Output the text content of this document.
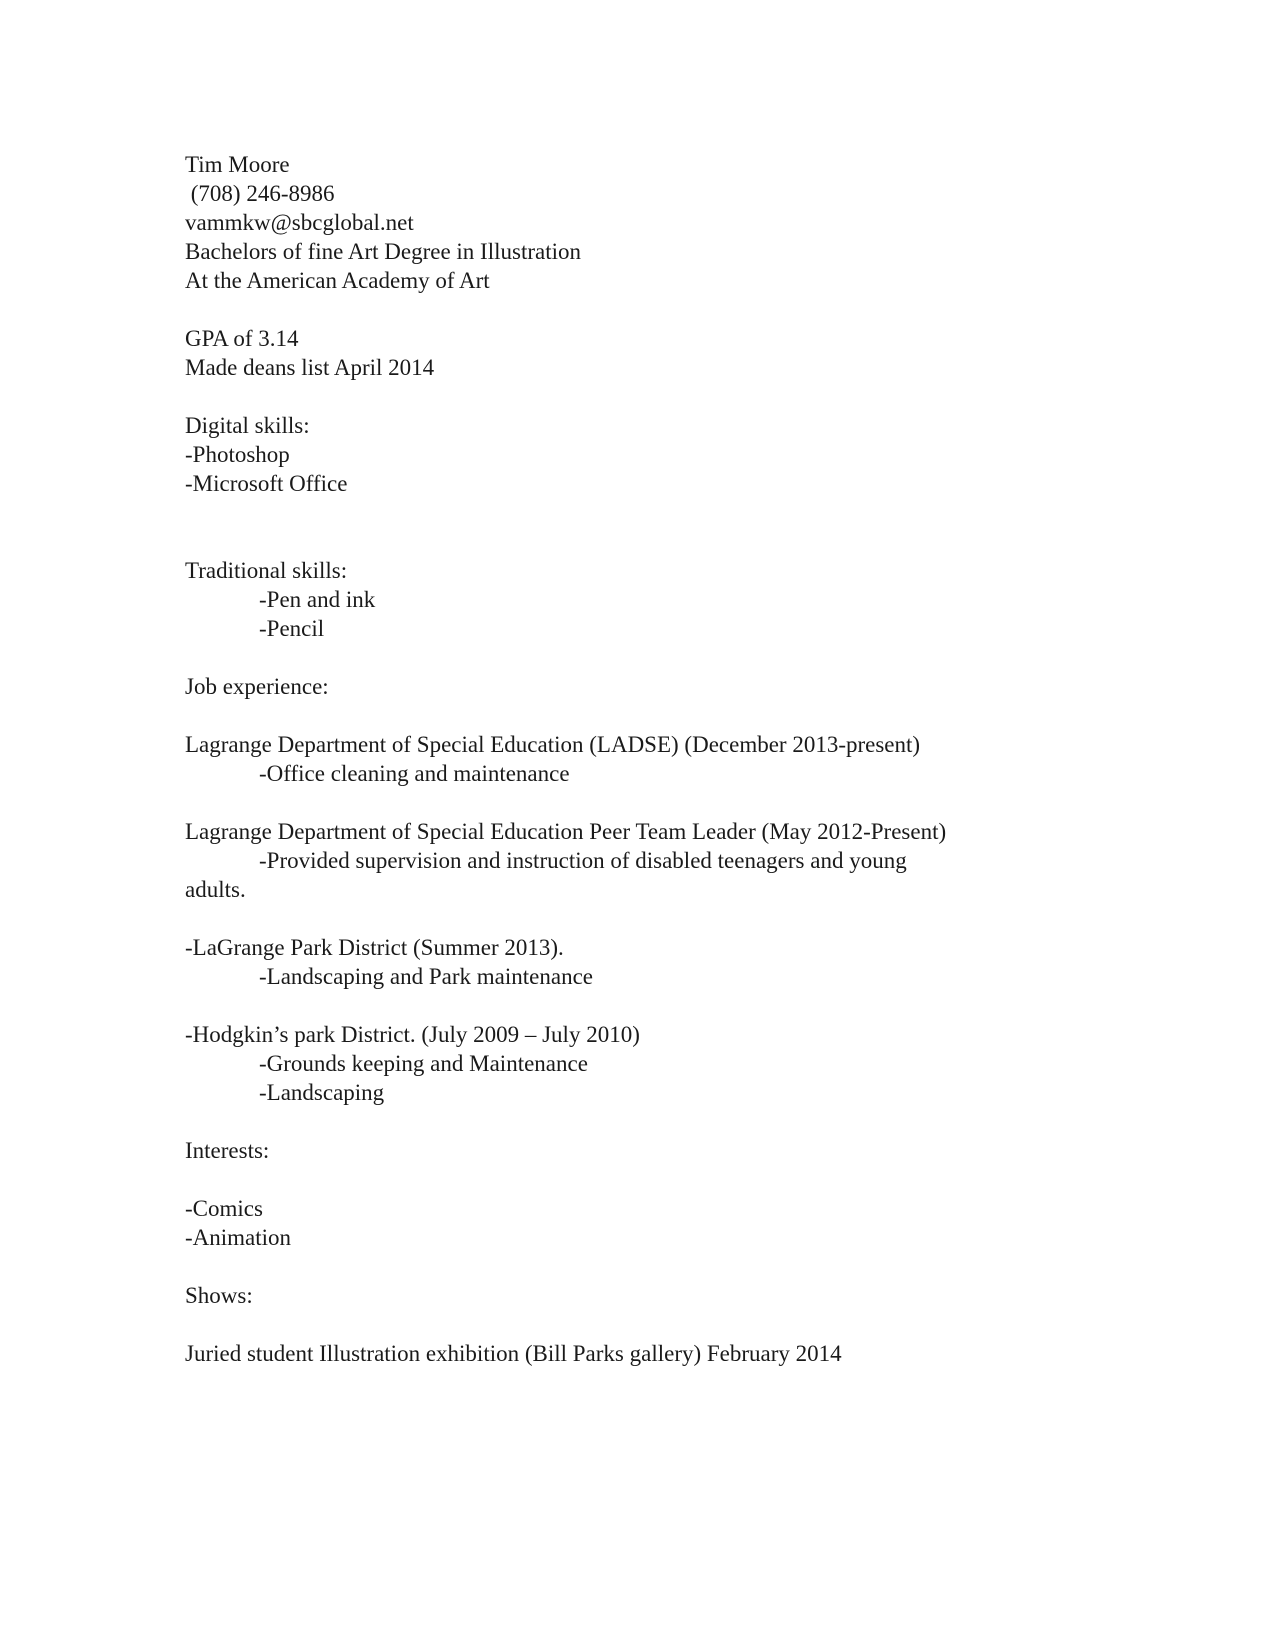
Tim Moore
(708) 246-8986
vammkw@sbcglobal.net
Bachelors of fine Art Degree in Illustration
At the American Academy of Art
GPA of 3.14
Made deans list April 2014
Digital skills:
-Photoshop
-Microsoft Office
Traditional skills:
-Pen and ink
-Pencil
Job experience:
Lagrange Department of Special Education (LADSE) (December 2013-present)
-Office cleaning and maintenance
Lagrange Department of Special Education Peer Team Leader (May 2012-Present)
-Provided supervision and instruction of disabled teenagers and young
adults.
-LaGrange Park District (Summer 2013).
-Landscaping and Park maintenance
-Hodgkin’s park District. (July 2009 – July 2010)
-Grounds keeping and Maintenance
-Landscaping
Interests:
-Comics
-Animation
Shows:
Juried student Illustration exhibition (Bill Parks gallery) February 2014
